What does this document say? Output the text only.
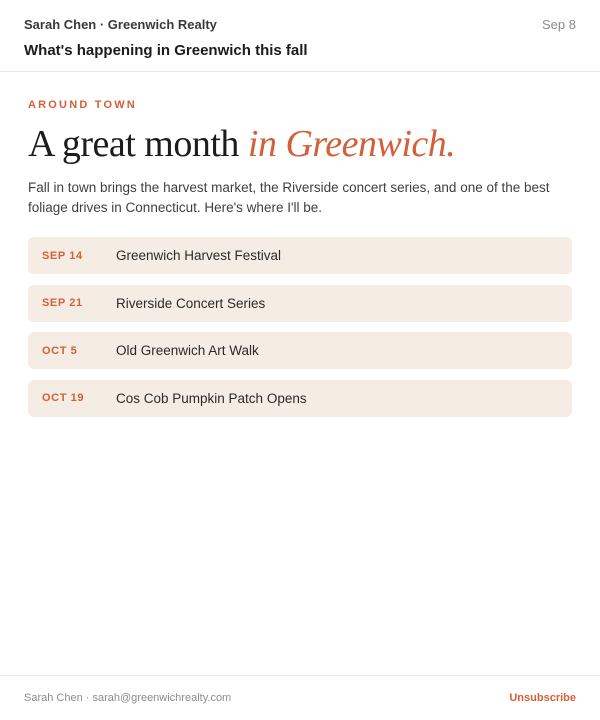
Sarah Chen · Greenwich Realty	Sep 8
What's happening in Greenwich this fall
AROUND TOWN
A great month in Greenwich.
Fall in town brings the harvest market, the Riverside concert series, and one of the best foliage drives in Connecticut. Here's where I'll be.
SEP 14	Greenwich Harvest Festival
SEP 21	Riverside Concert Series
OCT 5	Old Greenwich Art Walk
OCT 19	Cos Cob Pumpkin Patch Opens
Sarah Chen · sarah@greenwichrealty.com	Unsubscribe
